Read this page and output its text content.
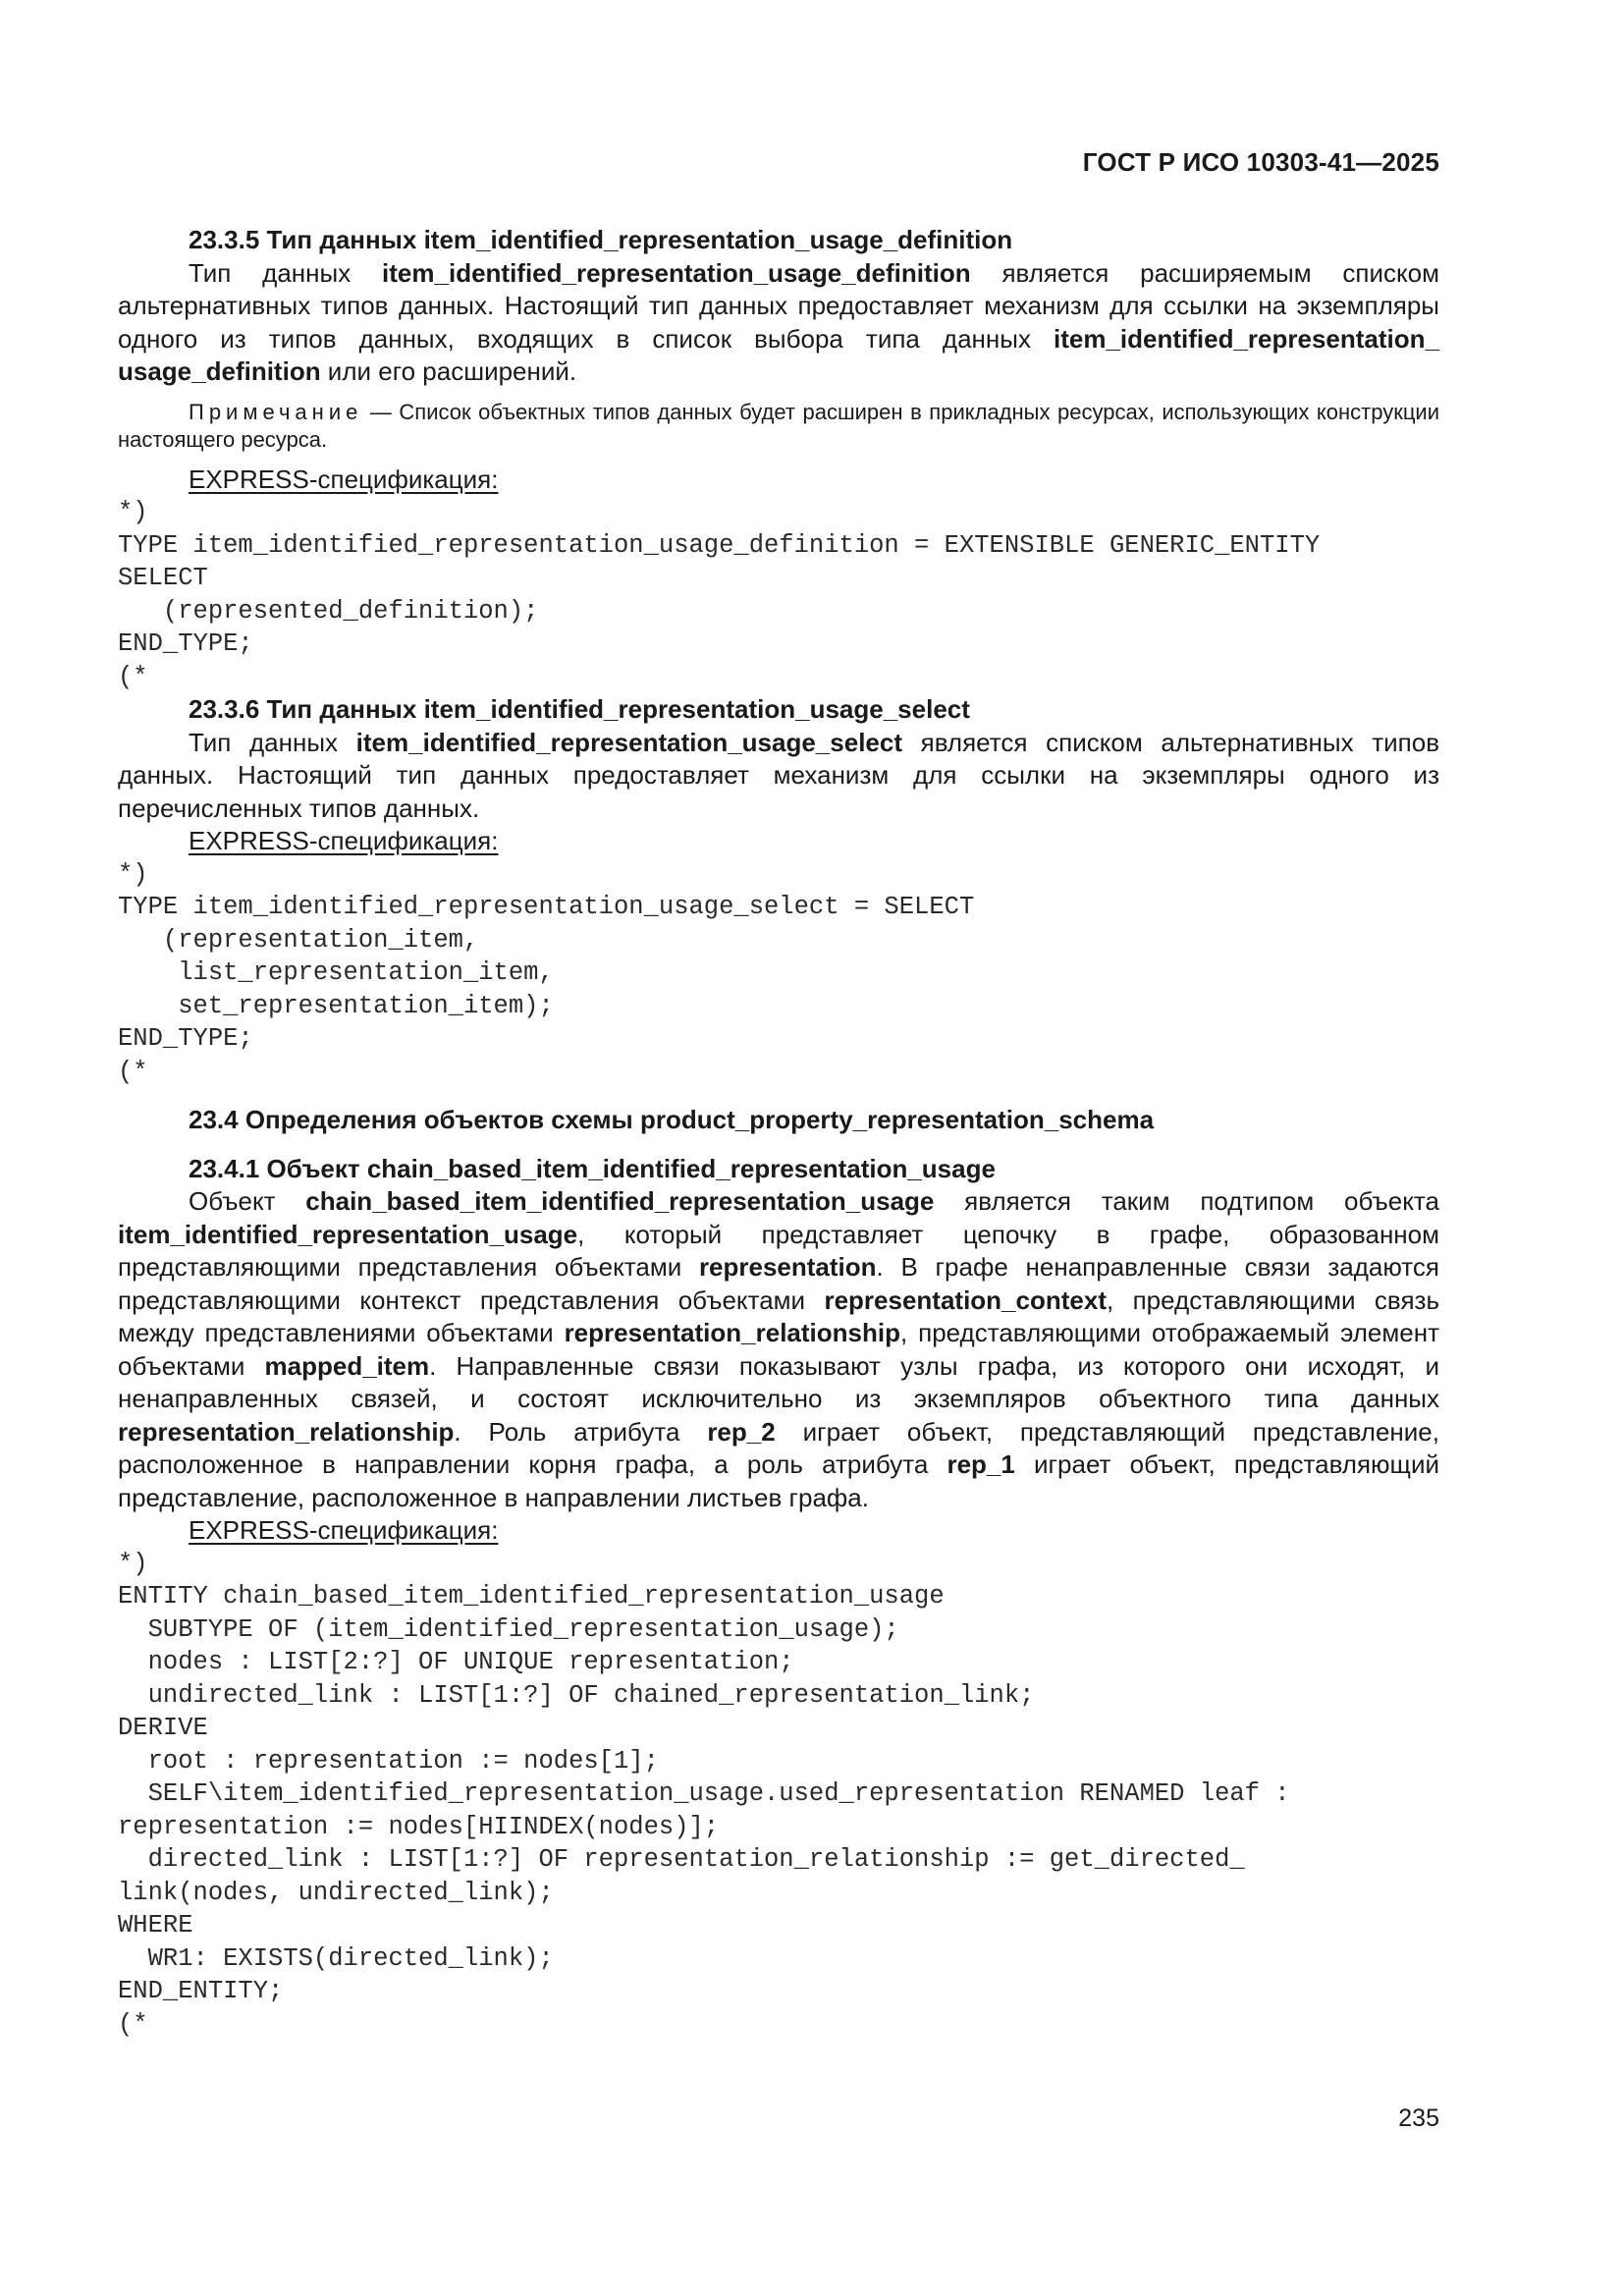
ГОСТ Р ИСО 10303-41—2025
23.3.5 Тип данных item_identified_representation_usage_definition

Тип данных item_identified_representation_usage_definition является расширяемым списком альтернативных типов данных. Настоящий тип данных предоставляет механизм для ссылки на экземпляры одного из типов данных, входящих в список выбора типа данных item_identified_representation_ usage_definition или его расширений.

Примечание — Список объектных типов данных будет расширен в прикладных ресурсах, использующих конструкции настоящего ресурса.

EXPRESS-спецификация:
*)
TYPE item_identified_representation_usage_definition = EXTENSIBLE GENERIC_ENTITY
SELECT
(represented_definition);
END_TYPE;
(*
23.3.6 Тип данных item_identified_representation_usage_select

Тип данных item_identified_representation_usage_select является списком альтернативных типов данных. Настоящий тип данных предоставляет механизм для ссылки на экземпляры одного из перечисленных типов данных.

EXPRESS-спецификация:
*)
TYPE item_identified_representation_usage_select = SELECT
(representation_item,
list_representation_item,
set_representation_item);
END_TYPE;
(*
23.4 Определения объектов схемы product_property_representation_schema
23.4.1 Объект chain_based_item_identified_representation_usage

Объект chain_based_item_identified_representation_usage является таким подтипом объекта item_identified_representation_usage, который представляет цепочку в графе, образованном представляющими представления объектами representation. В графе ненаправленные связи задаются представляющими контекст представления объектами representation_context, представляющими связь между представлениями объектами representation_relationship, представляющими отображаемый элемент объектами mapped_item. Направленные связи показывают узлы графа, из которого они исходят, и ненаправленных связей, и состоят исключительно из экземпляров объектного типа данных representation_relationship. Роль атрибута rep_2 играет объект, представляющий представление, расположенное в направлении корня графа, а роль атрибута rep_1 играет объект, представляющий представление, расположенное в направлении листьев графа.

EXPRESS-спецификация:
*)
ENTITY chain_based_item_identified_representation_usage
SUBTYPE OF (item_identified_representation_usage);
nodes : LIST[2:?] OF UNIQUE representation;
undirected_link : LIST[1:?] OF chained_representation_link;
DERIVE
root : representation := nodes[1];
SELF\item_identified_representation_usage.used_representation RENAMED leaf :
representation := nodes[HIINDEX(nodes)];
directed_link : LIST[1:?] OF representation_relationship := get_directed_
link(nodes, undirected_link);
WHERE
WR1: EXISTS(directed_link);
END_ENTITY;
(*
235
